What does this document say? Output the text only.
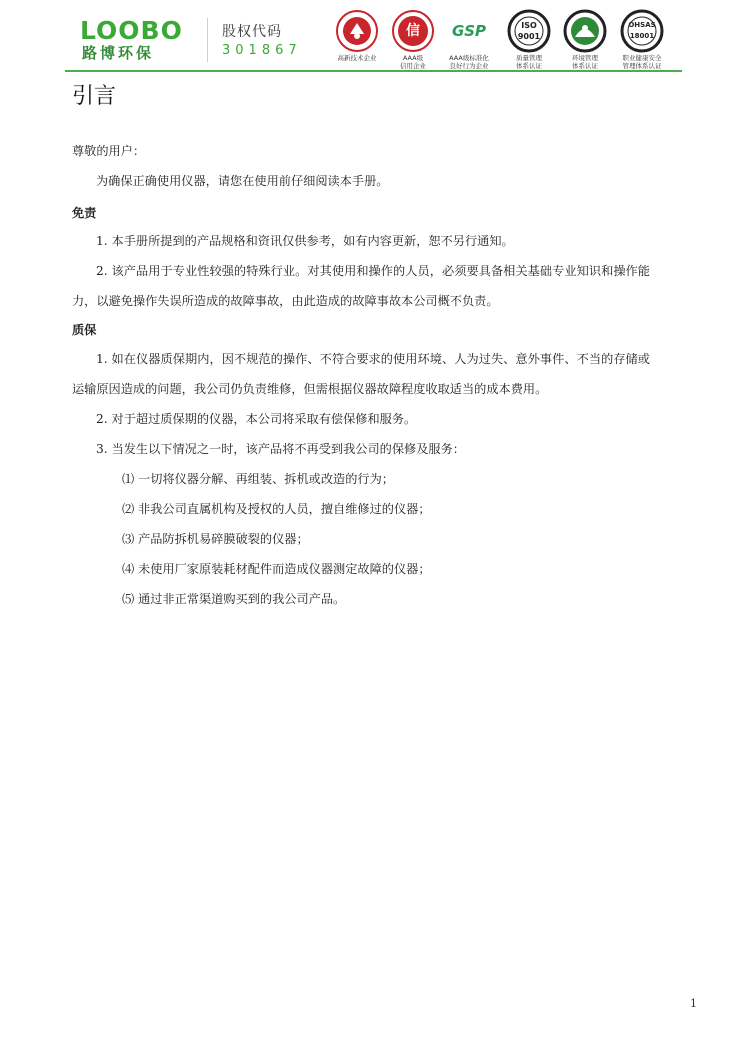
LOOBO
路博环保
股权代码
301867	高新技术企业
信
AAA级
信用企业
GSP
AAA级标准化
良好行为企业
ISO 9001
质量管理
体系认证
环境管理
体系认证
OHSAS 18001
职业健康安全
管理体系认证
引言
尊敬的用户：
为确保正确使用仪器，请您在使用前仔细阅读本手册。
免责
1. 本手册所提到的产品规格和资讯仅供参考，如有内容更新，恕不另行通知。
2. 该产品用于专业性较强的特殊行业。对其使用和操作的人员，必须要具备相关基础专业知识和操作能力，以避免操作失误所造成的故障事故，由此造成的故障事故本公司概不负责。
质保
1. 如在仪器质保期内，因不规范的操作、不符合要求的使用环境、人为过失、意外事件、不当的存储或运输原因造成的问题，我公司仍负责维修，但需根据仪器故障程度收取适当的成本费用。
2. 对于超过质保期的仪器，本公司将采取有偿保修和服务。
3. 当发生以下情况之一时，该产品将不再受到我公司的保修及服务：
⑴ 一切将仪器分解、再组装、拆机或改造的行为；
⑵ 非我公司直属机构及授权的人员，擅自维修过的仪器；
⑶ 产品防拆机易碎膜破裂的仪器；
⑷ 未使用厂家原装耗材配件而造成仪器测定故障的仪器；
⑸ 通过非正常渠道购买到的我公司产品。
1
